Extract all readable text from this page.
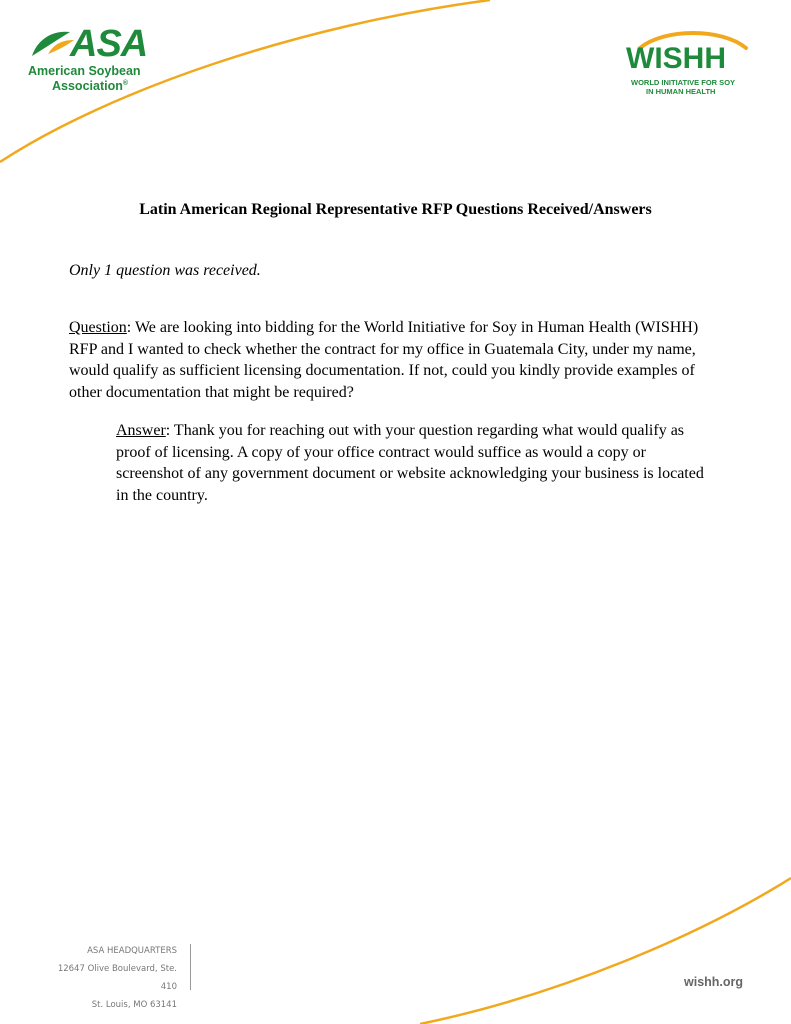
ASA
American Soybean
Association®
WISHH
WORLD INITIATIVE FOR SOY
IN HUMAN HEALTH
Latin American Regional Representative RFP Questions Received/Answers
Only 1 question was received.
Question: We are looking into bidding for the World Initiative for Soy in Human Health (WISHH) RFP and I wanted to check whether the contract for my office in Guatemala City, under my name, would qualify as sufficient licensing documentation. If not, could you kindly provide examples of other documentation that might be required?
Answer: Thank you for reaching out with your question regarding what would qualify as proof of licensing. A copy of your office contract would suffice as would a copy or screenshot of any government document or website acknowledging your business is located in the country.
ASA HEADQUARTERS
12647 Olive Boulevard, Ste. 410
St. Louis, MO 63141
wishh.org
